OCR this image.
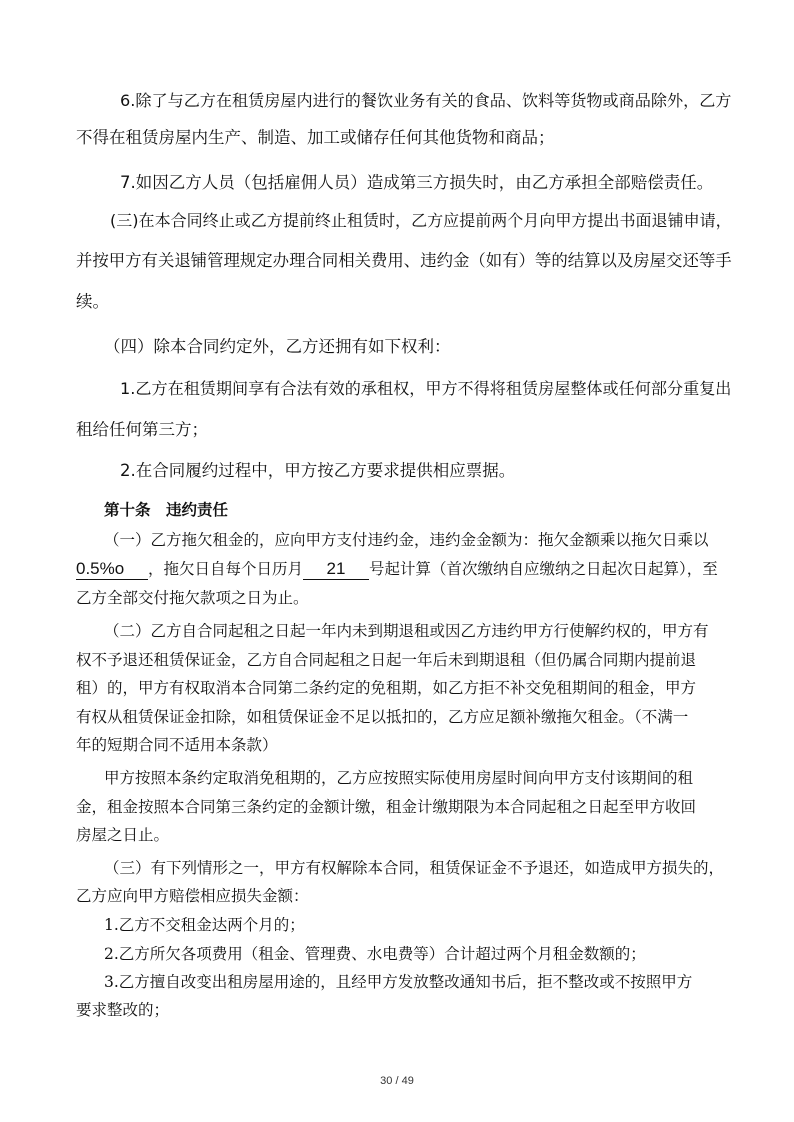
6.除了与乙方在租赁房屋内进行的餐饮业务有关的食品、饮料等货物或商品除外，乙方

不得在租赁房屋内生产、制造、加工或储存任何其他货物和商品；

7.如因乙方人员（包括雇佣人员）造成第三方损失时，由乙方承担全部赔偿责任。

(三)在本合同终止或乙方提前终止租赁时，乙方应提前两个月向甲方提出书面退铺申请，

并按甲方有关退铺管理规定办理合同相关费用、违约金（如有）等的结算以及房屋交还等手

续。

（四）除本合同约定外，乙方还拥有如下权利：

1.乙方在租赁期间享有合法有效的承租权，甲方不得将租赁房屋整体或任何部分重复出

租给任何第三方；

2.在合同履约过程中，甲方按乙方要求提供相应票据。

第十条　违约责任

（一）乙方拖欠租金的，应向甲方支付违约金，违约金金额为：拖欠金额乘以拖欠日乘以

0.5%o ，拖欠日自每个日历月 21 号起计算（首次缴纳自应缴纳之日起次日起算），至

乙方全部交付拖欠款项之日为止。

（二）乙方自合同起租之日起一年内未到期退租或因乙方违约甲方行使解约权的，甲方有

权不予退还租赁保证金，乙方自合同起租之日起一年后未到期退租（但仍属合同期内提前退

租）的，甲方有权取消本合同第二条约定的免租期，如乙方拒不补交免租期间的租金，甲方

有权从租赁保证金扣除，如租赁保证金不足以抵扣的，乙方应足额补缴拖欠租金。（不满一

年的短期合同不适用本条款）

甲方按照本条约定取消免租期的，乙方应按照实际使用房屋时间向甲方支付该期间的租

金，租金按照本合同第三条约定的金额计缴，租金计缴期限为本合同起租之日起至甲方收回

房屋之日止。

（三）有下列情形之一，甲方有权解除本合同，租赁保证金不予退还，如造成甲方损失的，

乙方应向甲方赔偿相应损失金额：

1.乙方不交租金达两个月的；

2.乙方所欠各项费用（租金、管理费、水电费等）合计超过两个月租金数额的；

3.乙方擅自改变出租房屋用途的，且经甲方发放整改通知书后，拒不整改或不按照甲方

要求整改的；

30 / 49
